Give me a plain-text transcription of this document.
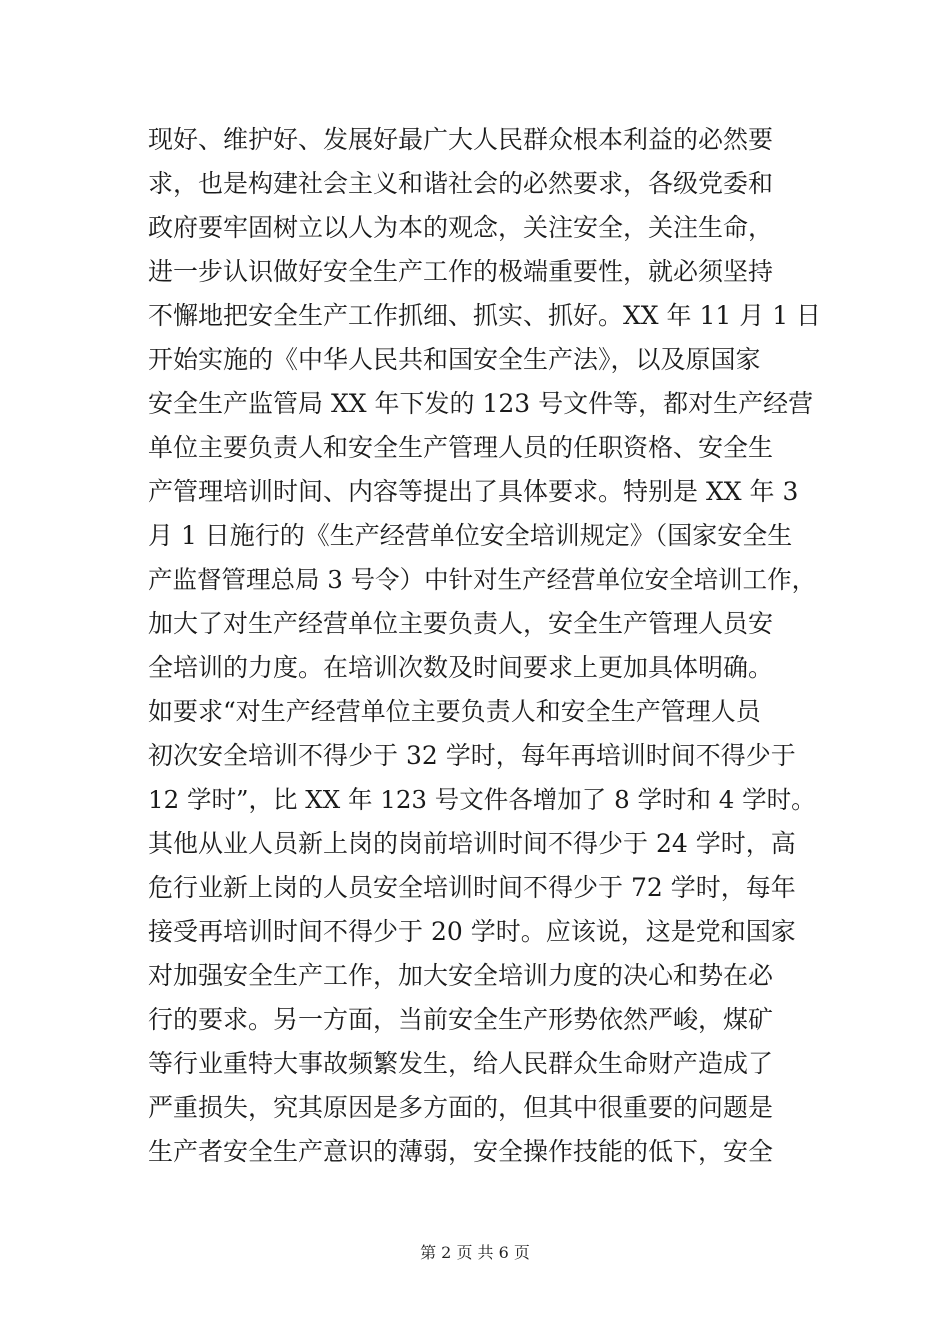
现好、维护好、发展好最广大人民群众根本利益的必然要
求，也是构建社会主义和谐社会的必然要求，各级党委和
政府要牢固树立以人为本的观念，关注安全，关注生命，
进一步认识做好安全生产工作的极端重要性，就必须坚持
不懈地把安全生产工作抓细、抓实、抓好。XX 年 11 月 1 日
开始实施的《中华人民共和国安全生产法》，以及原国家
安全生产监管局 XX 年下发的 123 号文件等，都对生产经营
单位主要负责人和安全生产管理人员的任职资格、安全生
产管理培训时间、内容等提出了具体要求。特别是 XX 年 3
月 1 日施行的《生产经营单位安全培训规定》（国家安全生
产监督管理总局 3 号令）中针对生产经营单位安全培训工作，
加大了对生产经营单位主要负责人，安全生产管理人员安
全培训的力度。在培训次数及时间要求上更加具体明确。
如要求“对生产经营单位主要负责人和安全生产管理人员
初次安全培训不得少于 32 学时，每年再培训时间不得少于
12 学时”，比 XX 年 123 号文件各增加了 8 学时和 4 学时。
其他从业人员新上岗的岗前培训时间不得少于 24 学时，高
危行业新上岗的人员安全培训时间不得少于 72 学时，每年
接受再培训时间不得少于 20 学时。应该说，这是党和国家
对加强安全生产工作，加大安全培训力度的决心和势在必
行的要求。另一方面，当前安全生产形势依然严峻，煤矿
等行业重特大事故频繁发生，给人民群众生命财产造成了
严重损失，究其原因是多方面的，但其中很重要的问题是
生产者安全生产意识的薄弱，安全操作技能的低下，安全
第 2 页 共 6 页
